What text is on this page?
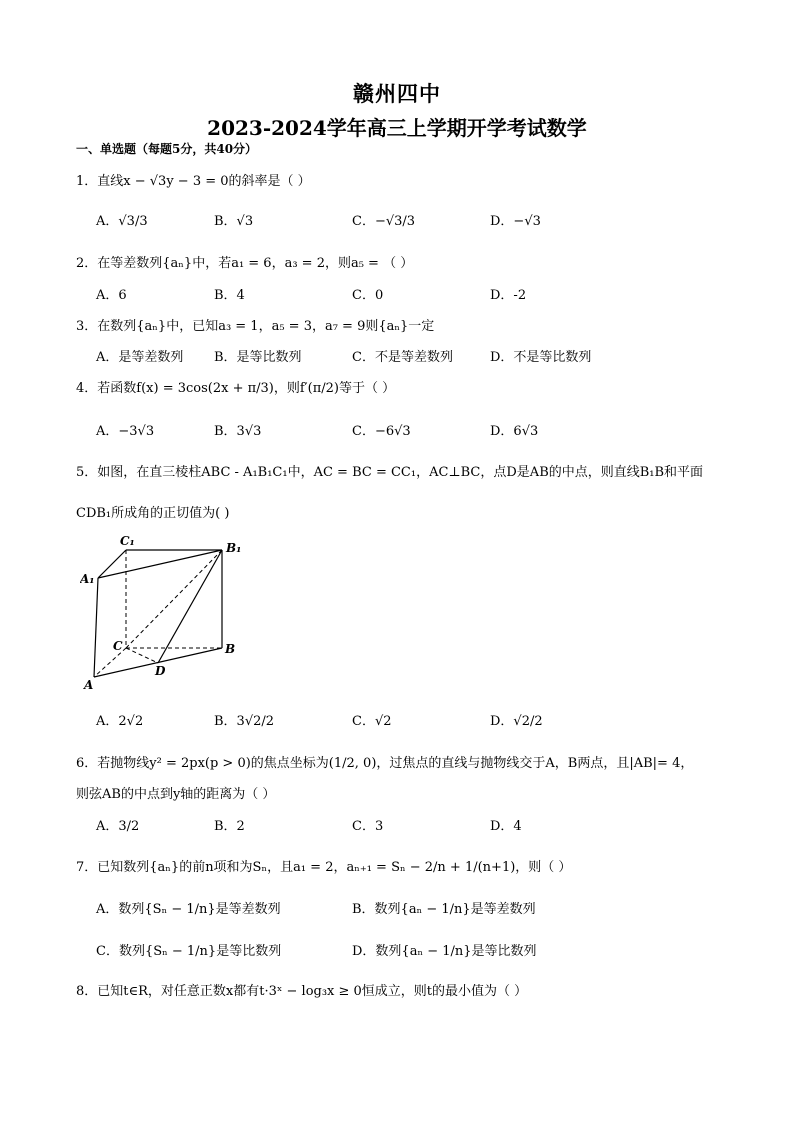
赣州四中
2023-2024学年高三上学期开学考试数学
一、单选题（每题5分，共40分）
1．直线x − √3y − 3 = 0的斜率是（ ）
A．√3/3	B．√3	C．−√3/3	D．−√3
2．在等差数列{aₙ}中，若a₁ = 6，a₃ = 2，则a₅ = （ ）
A．6	B．4	C．0	D．-2
3．在数列{aₙ}中，已知a₃ = 1，a₅ = 3，a₇ = 9则{aₙ}一定
A．是等差数列 B．是等比数列	C．不是等差数列	D．不是等比数列
4．若函数f(x) = 3cos(2x + π/3)，则f′(π/2)等于（ ）
A．−3√3	B．3√3	C．−6√3	D．6√3
5．如图，在直三棱柱ABC - A₁B₁C₁中，AC = BC = CC₁，AC⊥BC，点D是AB的中点，则直线B₁B和平面
CDB₁所成角的正切值为( )
C₁	B₁
A₁
C	B
D
A
A．2√2	B．3√2/2	C．√2	D．√2/2
6．若抛物线y² = 2px(p > 0)的焦点坐标为(1/2, 0)，过焦点的直线与抛物线交于A，B两点，且|AB|= 4，
则弦AB的中点到y轴的距离为（ ）
A．3/2	B．2	C．3	D．4
7．已知数列{aₙ}的前n项和为Sₙ，且a₁ = 2，aₙ₊₁ = Sₙ − 2/n + 1/(n+1)，则（ ）
A．数列{Sₙ − 1/n}是等差数列	B．数列{aₙ − 1/n}是等差数列
C．数列{Sₙ − 1/n}是等比数列	D．数列{aₙ − 1/n}是等比数列
8．已知t∈R，对任意正数x都有t·3ˣ − log₃x ≥ 0恒成立，则t的最小值为（ ）
